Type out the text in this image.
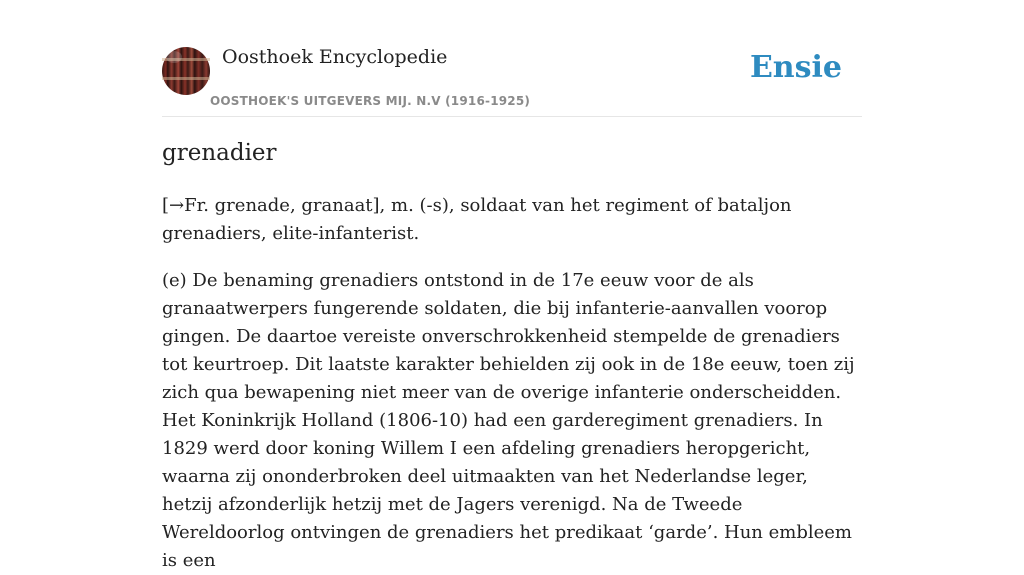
Oosthoek Encyclopedie
OOSTHOEK'S UITGEVERS MIJ. N.V (1916-1925)
Ensie
grenadier

[→Fr. grenade, granaat], m. (-s), soldaat van het regiment of bataljon grenadiers, elite-infanterist.

(e) De benaming grenadiers ontstond in de 17e eeuw voor de als granaatwerpers fungerende soldaten, die bij infanterie-aanvallen voorop gingen. De daartoe vereiste onverschrokkenheid stempelde de grenadiers tot keurtroep. Dit laatste karakter behielden zij ook in de 18e eeuw, toen zij zich qua bewapening niet meer van de overige infanterie onderscheidden. Het Koninkrijk Holland (1806-10) had een garderegiment grenadiers. In 1829 werd door koning Willem I een afdeling grenadiers heropgericht, waarna zij ononderbroken deel uitmaakten van het Nederlandse leger, hetzij afzonderlijk hetzij met de Jagers verenigd. Na de Tweede Wereldoorlog ontvingen de grenadiers het predikaat ‘garde’. Hun embleem is een
